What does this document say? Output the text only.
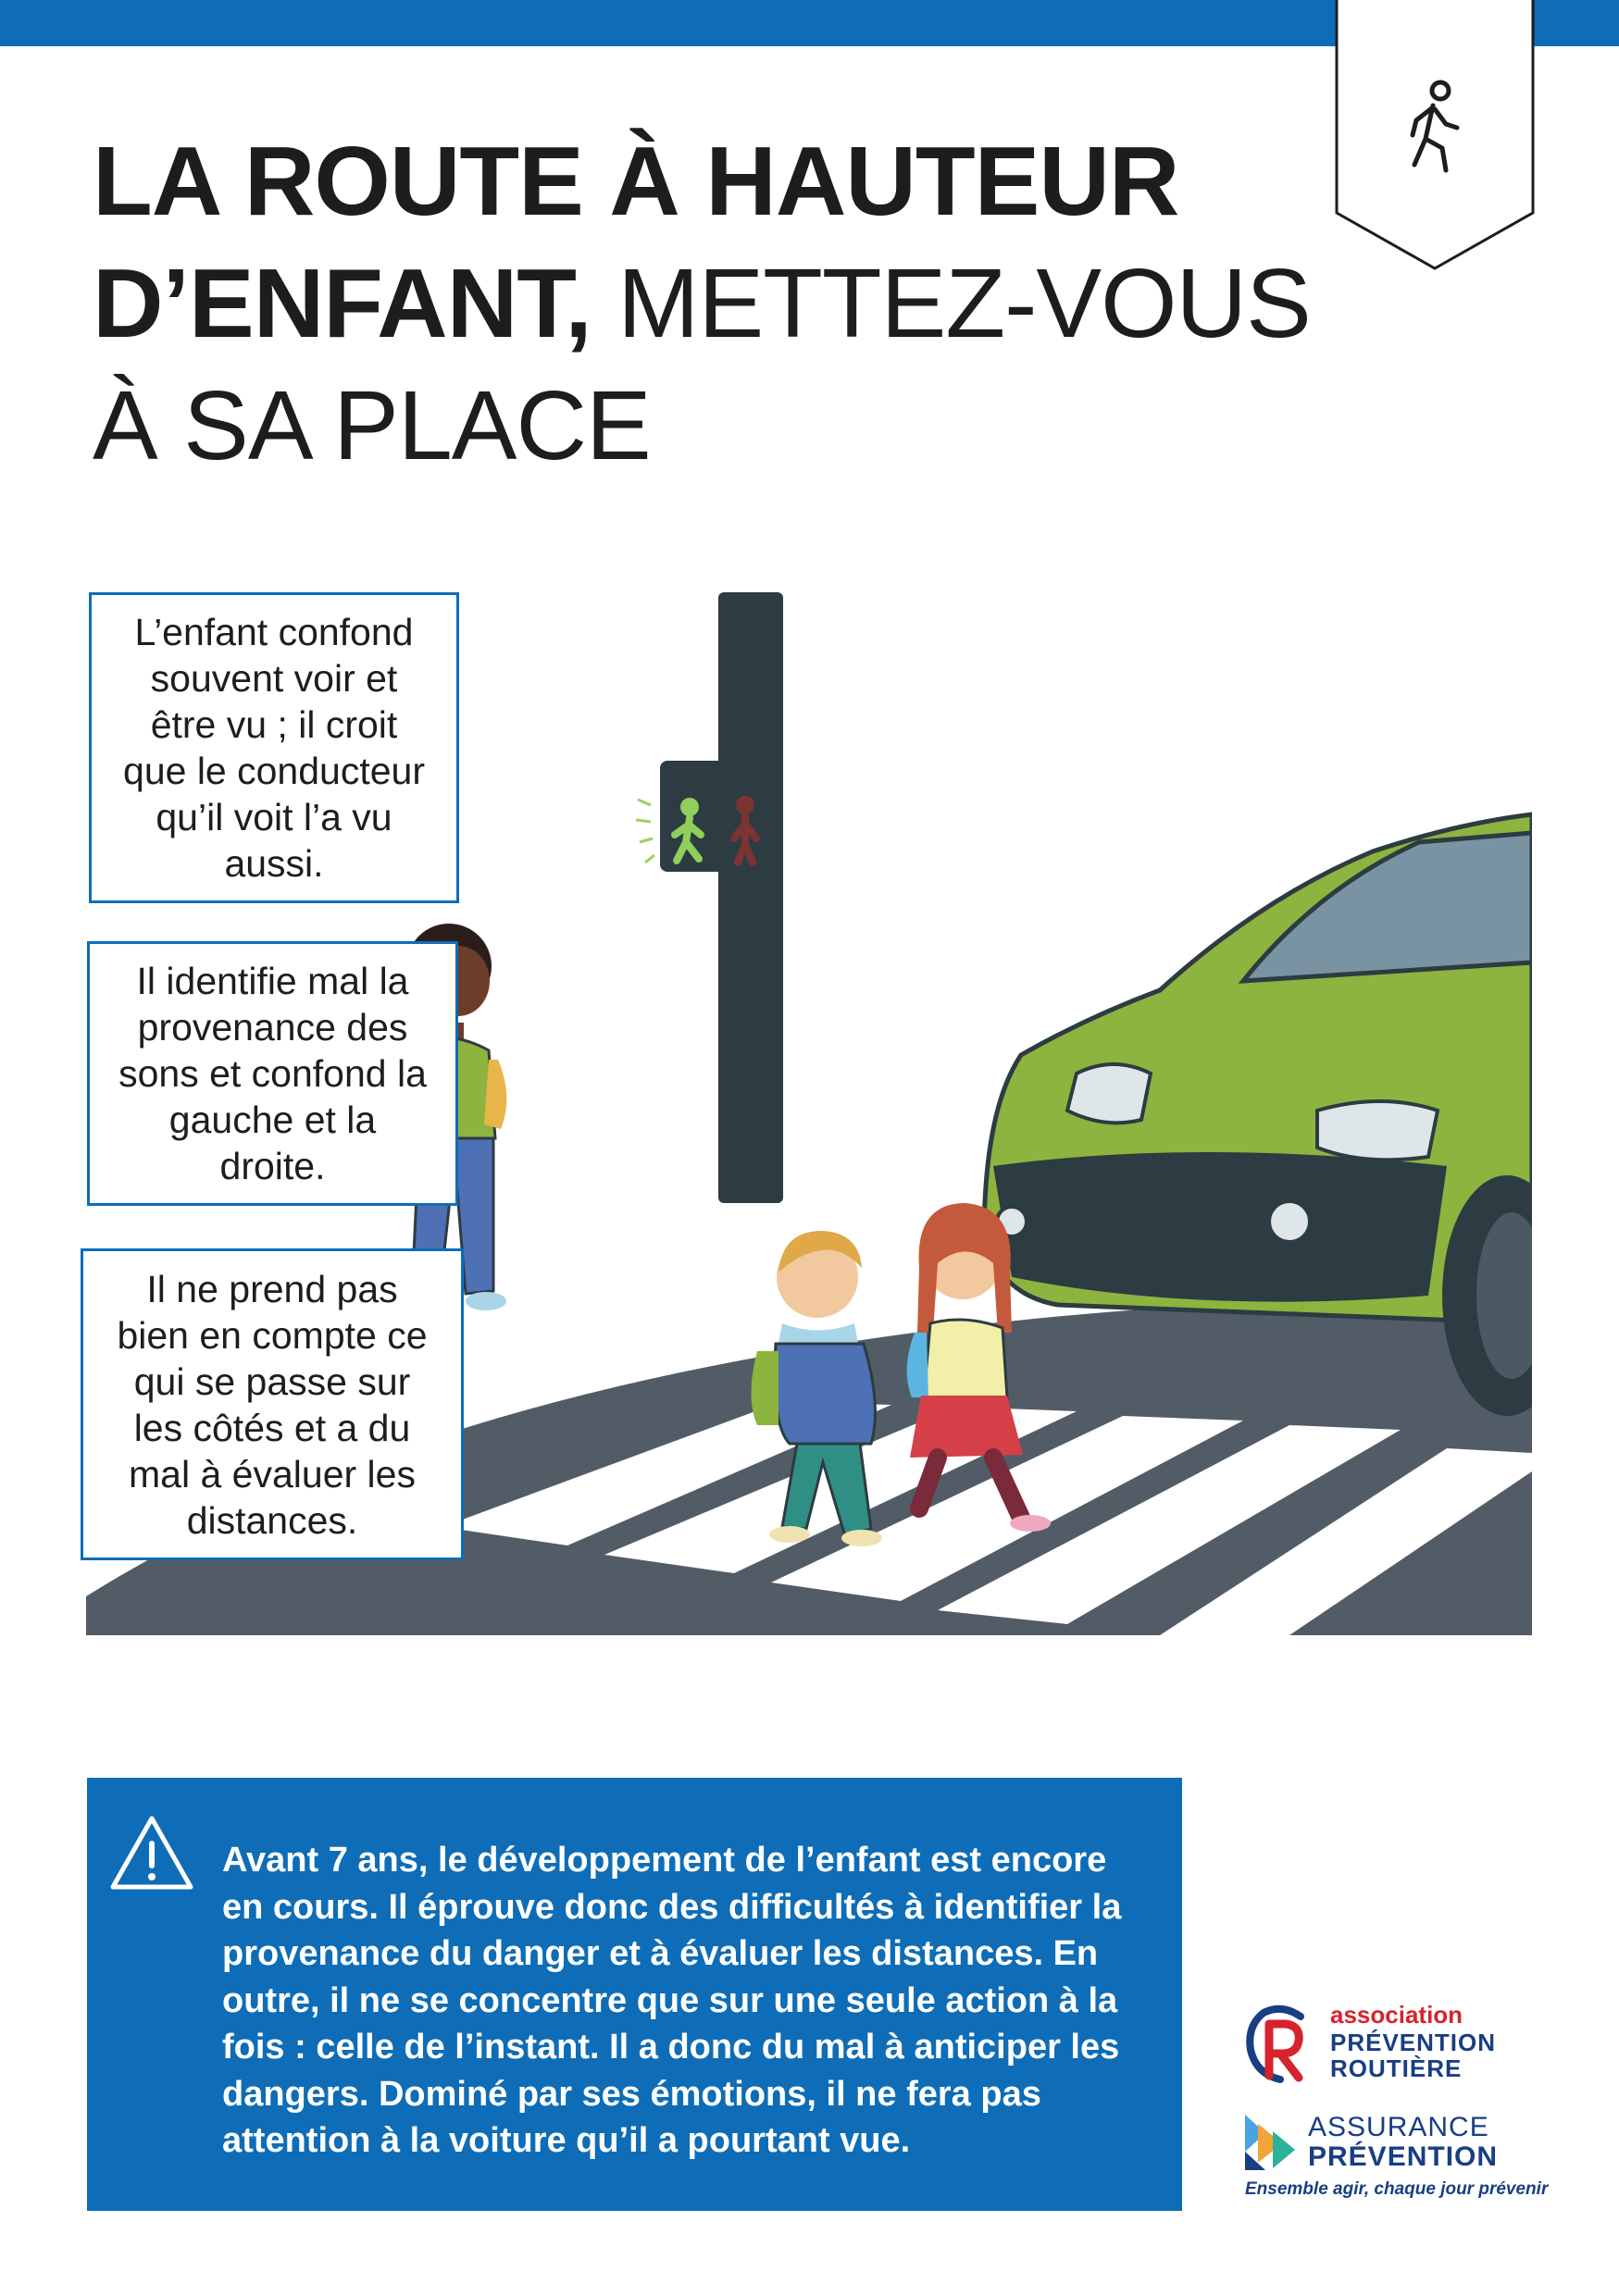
LA ROUTE À HAUTEUR
D’ENFANT, METTEZ-VOUS
À SA PLACE
L’enfant confond souvent voir et être vu ; il croit que le conducteur qu’il voit l’a vu aussi.
Il identifie mal la provenance des sons et confond la gauche et la droite.
Il ne prend pas bien en compte ce qui se passe sur les côtés et a du mal à évaluer les distances.

Avant 7 ans, le développement de l’enfant est encore en cours. Il éprouve donc des difficultés à identifier la provenance du danger et à évaluer les distances. En outre, il ne se concentre que sur une seule action à la fois : celle de l’instant. Il a donc du mal à anticiper les dangers. Dominé par ses émotions, il ne fera pas attention à la voiture qu’il a pourtant vue.

association
PRÉVENTION
ROUTIÈRE
ASSURANCE
PRÉVENTION
Ensemble agir, chaque jour prévenir
